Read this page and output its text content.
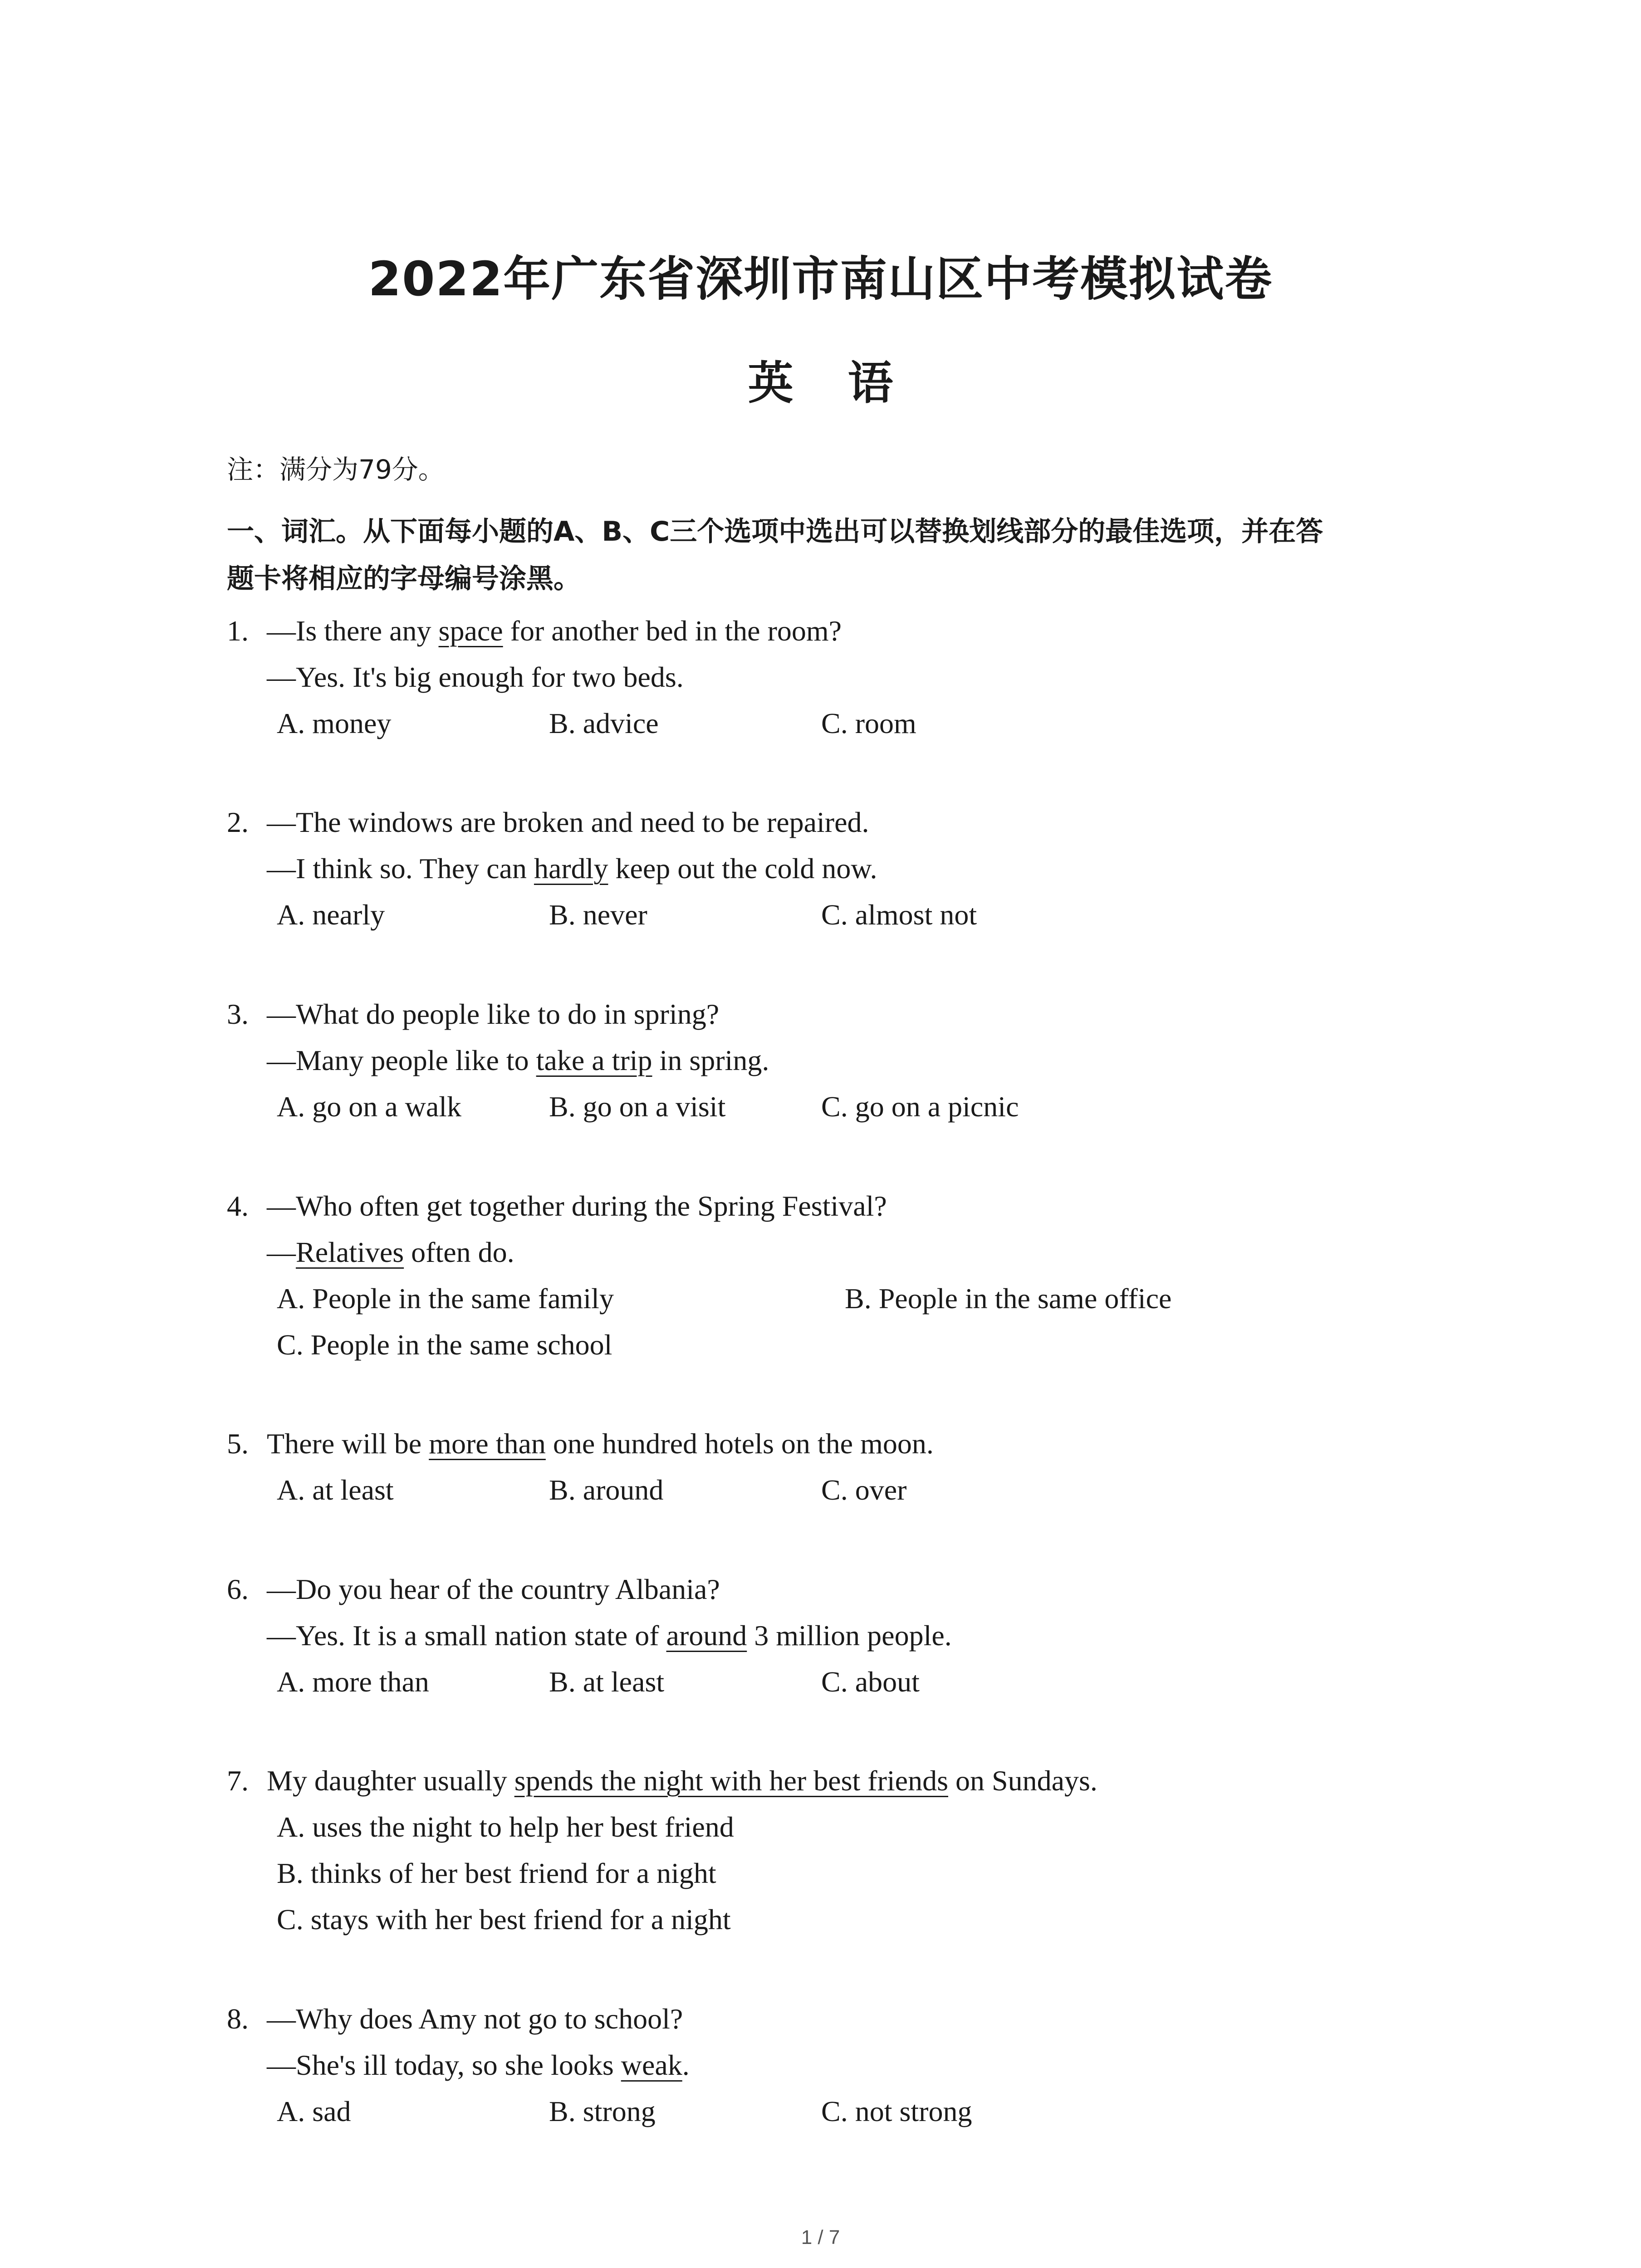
2022年广东省深圳市南山区中考模拟试卷
英语
注：满分为79分。
一、词汇。从下面每小题的A、B、C三个选项中选出可以替换划线部分的最佳选项，并在答
题卡将相应的字母编号涂黑。
1. —Is there any space for another bed in the room?
—Yes. It's big enough for two beds.
A. money	B. advice	C. room
2. —The windows are broken and need to be repaired.
—I think so. They can hardly keep out the cold now.
A. nearly	B. never	C. almost not
3. —What do people like to do in spring?
—Many people like to take a trip in spring.
A. go on a walk	B. go on a visit	C. go on a picnic
4. —Who often get together during the Spring Festival?
—Relatives often do.
A. People in the same family	B. People in the same office
C. People in the same school
5. There will be more than one hundred hotels on the moon.
A. at least	B. around	C. over
6. —Do you hear of the country Albania?
—Yes. It is a small nation state of around 3 million people.
A. more than	B. at least	C. about
7. My daughter usually spends the night with her best friends on Sundays.
A. uses the night to help her best friend
B. thinks of her best friend for a night
C. stays with her best friend for a night
8. —Why does Amy not go to school?
—She's ill today, so she looks weak.
A. sad	B. strong	C. not strong
1 / 7
